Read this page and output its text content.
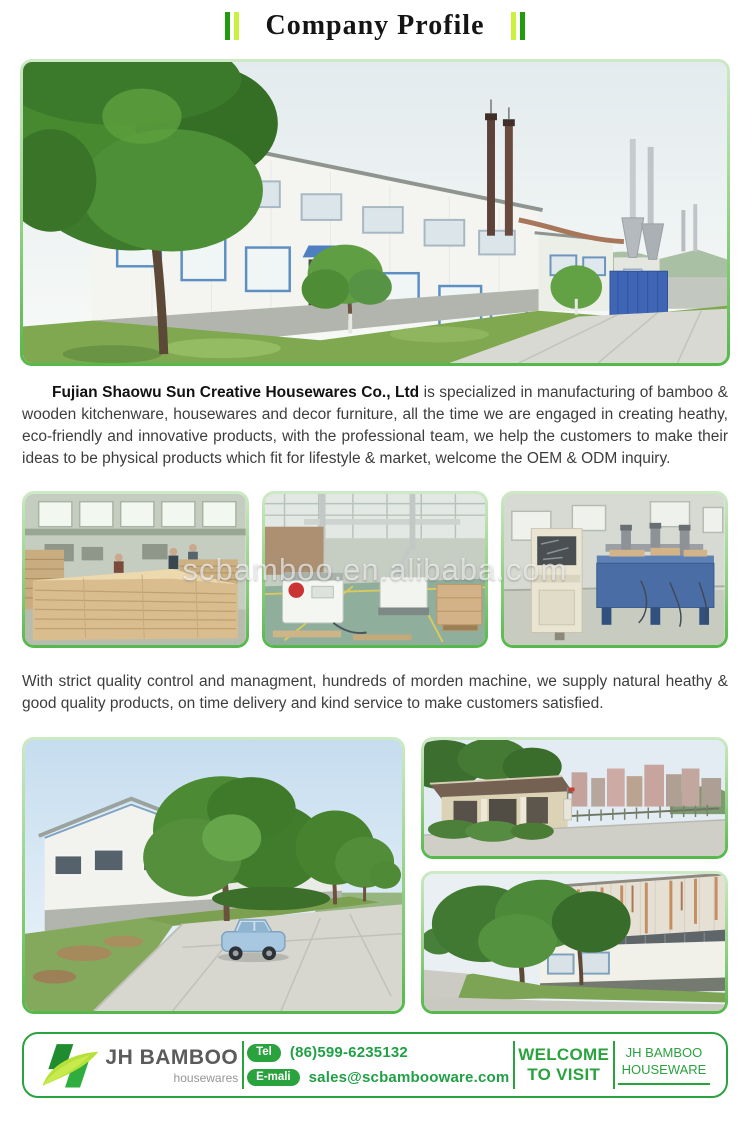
Company Profile

Fujian Shaowu Sun Creative Housewares Co., Ltd is specialized in manufacturing of bamboo & wooden kitchenware, housewares and decor furniture, all the time we are engaged in creating heathy, eco-friendly and innovative products, with the professional team, we help the customers to make their ideas to be physical products which fit for lifestyle & market, welcome the OEM & ODM inquiry.

scbamboo.en.alibaba.com

With strict quality control and managment, hundreds of morden machine, we supply natural heathy & good quality products, on time delivery and kind service to make customers satisfied.

JH BAMBOO
housewares
Tel	(86)599-6235132
E-mali	sales@scbambooware.com
WELCOME
TO VISIT
JH BAMBOO
HOUSEWARE
